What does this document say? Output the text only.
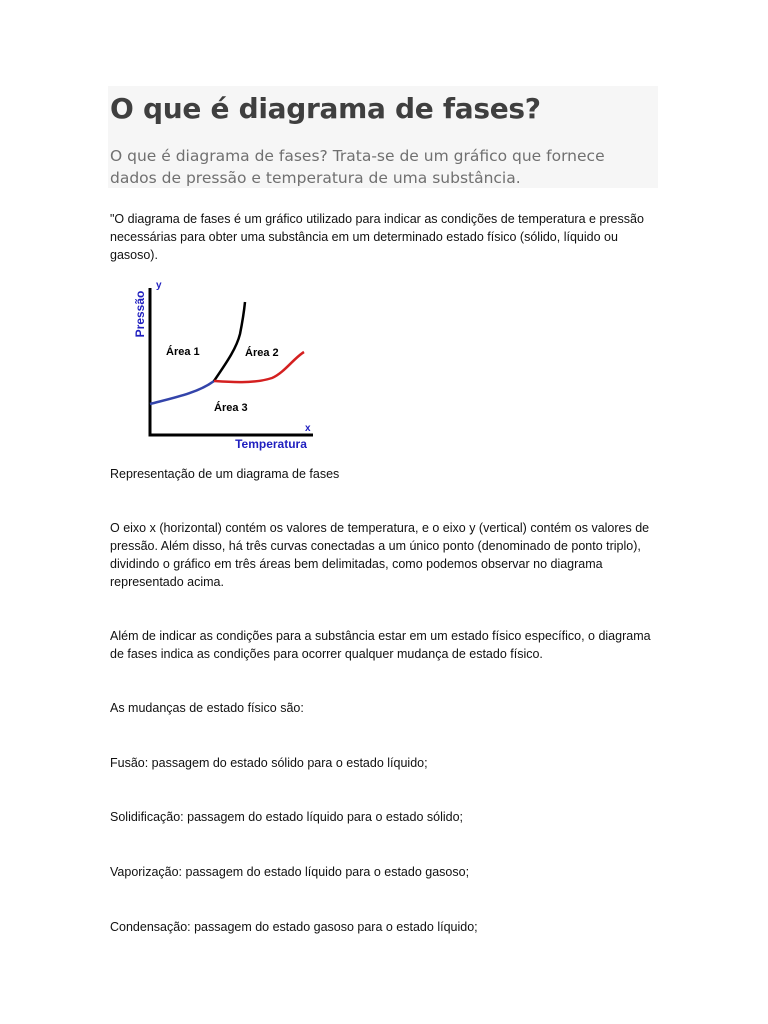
O que é diagrama de fases?

O que é diagrama de fases? Trata-se de um gráfico que fornece dados de pressão e temperatura de uma substância.

"O diagrama de fases é um gráfico utilizado para indicar as condições de temperatura e pressão necessárias para obter uma substância em um determinado estado físico (sólido, líquido ou gasoso).

Pressão
y
Temperatura
x
Área 1	Área 2
Área 3

Representação de um diagrama de fases

O eixo x (horizontal) contém os valores de temperatura, e o eixo y (vertical) contém os valores de pressão. Além disso, há três curvas conectadas a um único ponto (denominado de ponto triplo), dividindo o gráfico em três áreas bem delimitadas, como podemos observar no diagrama representado acima.

Além de indicar as condições para a substância estar em um estado físico específico, o diagrama de fases indica as condições para ocorrer qualquer mudança de estado físico.

As mudanças de estado físico são:

Fusão: passagem do estado sólido para o estado líquido;

Solidificação: passagem do estado líquido para o estado sólido;

Vaporização: passagem do estado líquido para o estado gasoso;

Condensação: passagem do estado gasoso para o estado líquido;
